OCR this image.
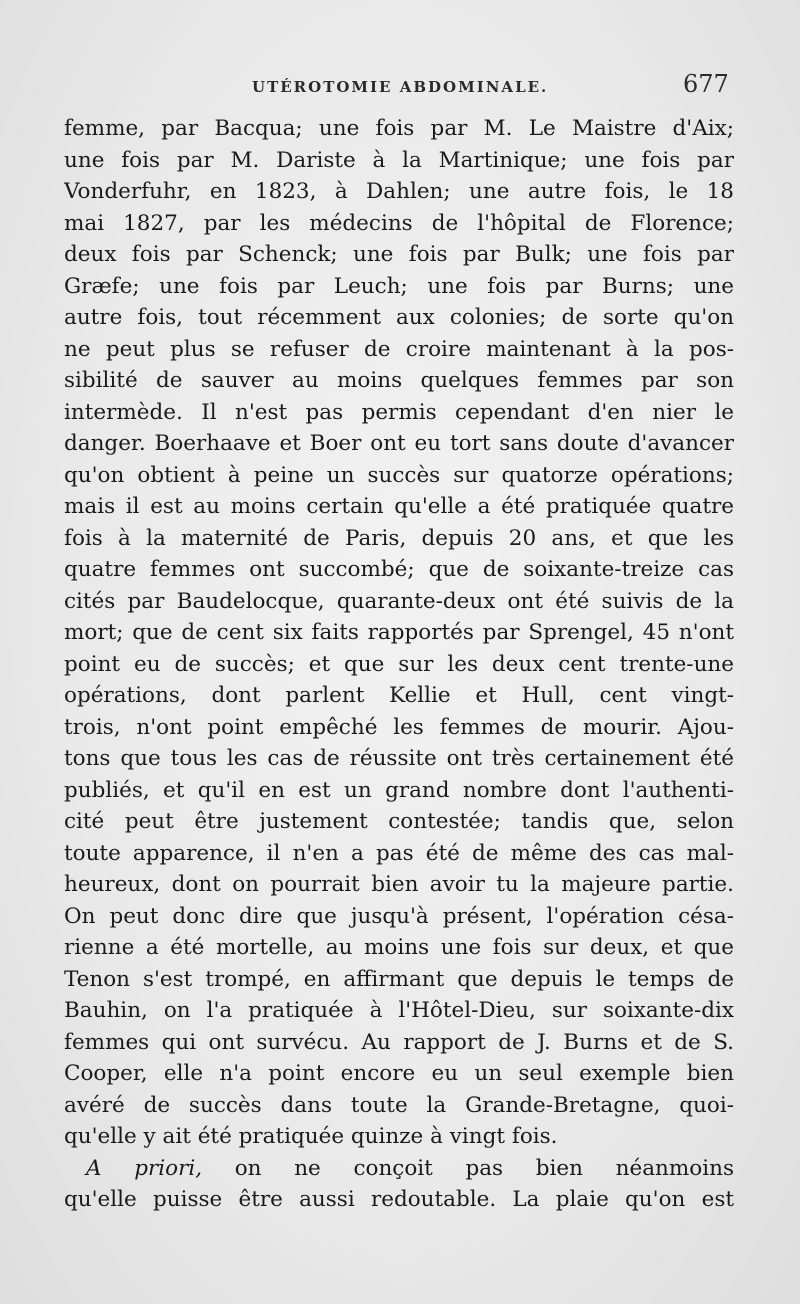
UTÉROTOMIE ABDOMINALE.	677
femme, par Bacqua; une fois par M. Le Maistre d'Aix;
une fois par M. Dariste à la Martinique; une fois par
Vonderfuhr, en 1823, à Dahlen; une autre fois, le 18
mai 1827, par les médecins de l'hôpital de Florence;
deux fois par Schenck; une fois par Bulk; une fois par
Græfe; une fois par Leuch; une fois par Burns; une
autre fois, tout récemment aux colonies; de sorte qu'on
ne peut plus se refuser de croire maintenant à la pos-
sibilité de sauver au moins quelques femmes par son
intermède. Il n'est pas permis cependant d'en nier le
danger. Boerhaave et Boer ont eu tort sans doute d'avancer
qu'on obtient à peine un succès sur quatorze opérations;
mais il est au moins certain qu'elle a été pratiquée quatre
fois à la maternité de Paris, depuis 20 ans, et que les
quatre femmes ont succombé; que de soixante-treize cas
cités par Baudelocque, quarante-deux ont été suivis de la
mort; que de cent six faits rapportés par Sprengel, 45 n'ont
point eu de succès; et que sur les deux cent trente-une
opérations, dont parlent Kellie et Hull, cent vingt-
trois, n'ont point empêché les femmes de mourir. Ajou-
tons que tous les cas de réussite ont très certainement été
publiés, et qu'il en est un grand nombre dont l'authenti-
cité peut être justement contestée; tandis que, selon
toute apparence, il n'en a pas été de même des cas mal-
heureux, dont on pourrait bien avoir tu la majeure partie.
On peut donc dire que jusqu'à présent, l'opération césa-
rienne a été mortelle, au moins une fois sur deux, et que
Tenon s'est trompé, en affirmant que depuis le temps de
Bauhin, on l'a pratiquée à l'Hôtel-Dieu, sur soixante-dix
femmes qui ont survécu. Au rapport de J. Burns et de S.
Cooper, elle n'a point encore eu un seul exemple bien
avéré de succès dans toute la Grande-Bretagne, quoi-
qu'elle y ait été pratiquée quinze à vingt fois.
A priori, on ne conçoit pas bien néanmoins
qu'elle puisse être aussi redoutable. La plaie qu'on est
